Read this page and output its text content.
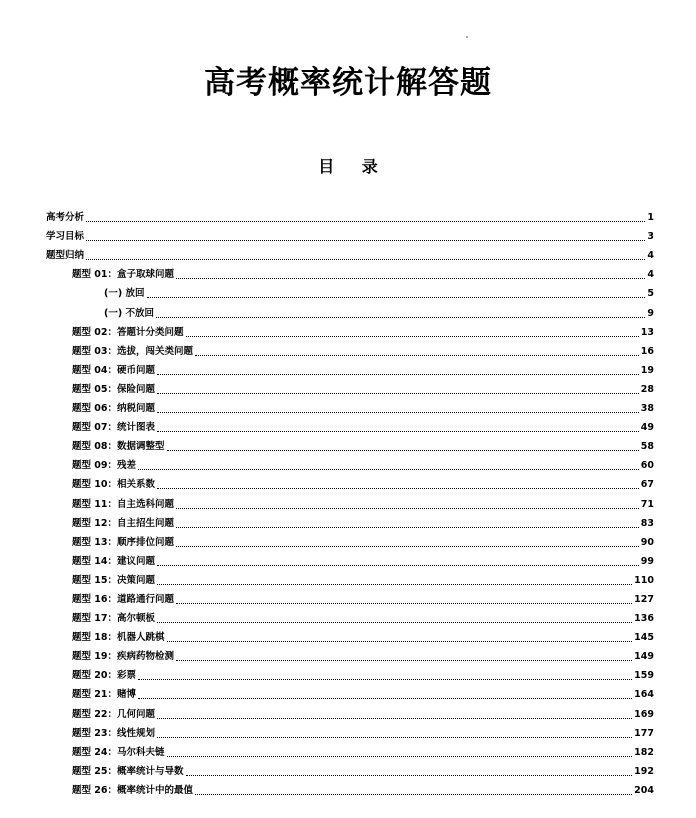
高考概率统计解答题
目 录
高考分析	1
学习目标	3
题型归纳	4
题型 01：盒子取球问题	4
(一) 放回	5
(一) 不放回	9
题型 02：答题计分类问题	13
题型 03：选拔，闯关类问题	16
题型 04：硬币问题	19
题型 05：保险问题	28
题型 06：纳税问题	38
题型 07：统计图表	49
题型 08：数据调整型	58
题型 09：残差	60
题型 10：相关系数	67
题型 11：自主选科问题	71
题型 12：自主招生问题	83
题型 13：顺序排位问题	90
题型 14：建议问题	99
题型 15：决策问题	110
题型 16：道路通行问题	127
题型 17：高尔顿板	136
题型 18：机器人跳棋	145
题型 19：疾病药物检测	149
题型 20：彩票	159
题型 21：赌博	164
题型 22：几何问题	169
题型 23：线性规划	177
题型 24：马尔科夫链	182
题型 25：概率统计与导数	192
题型 26：概率统计中的最值	204
